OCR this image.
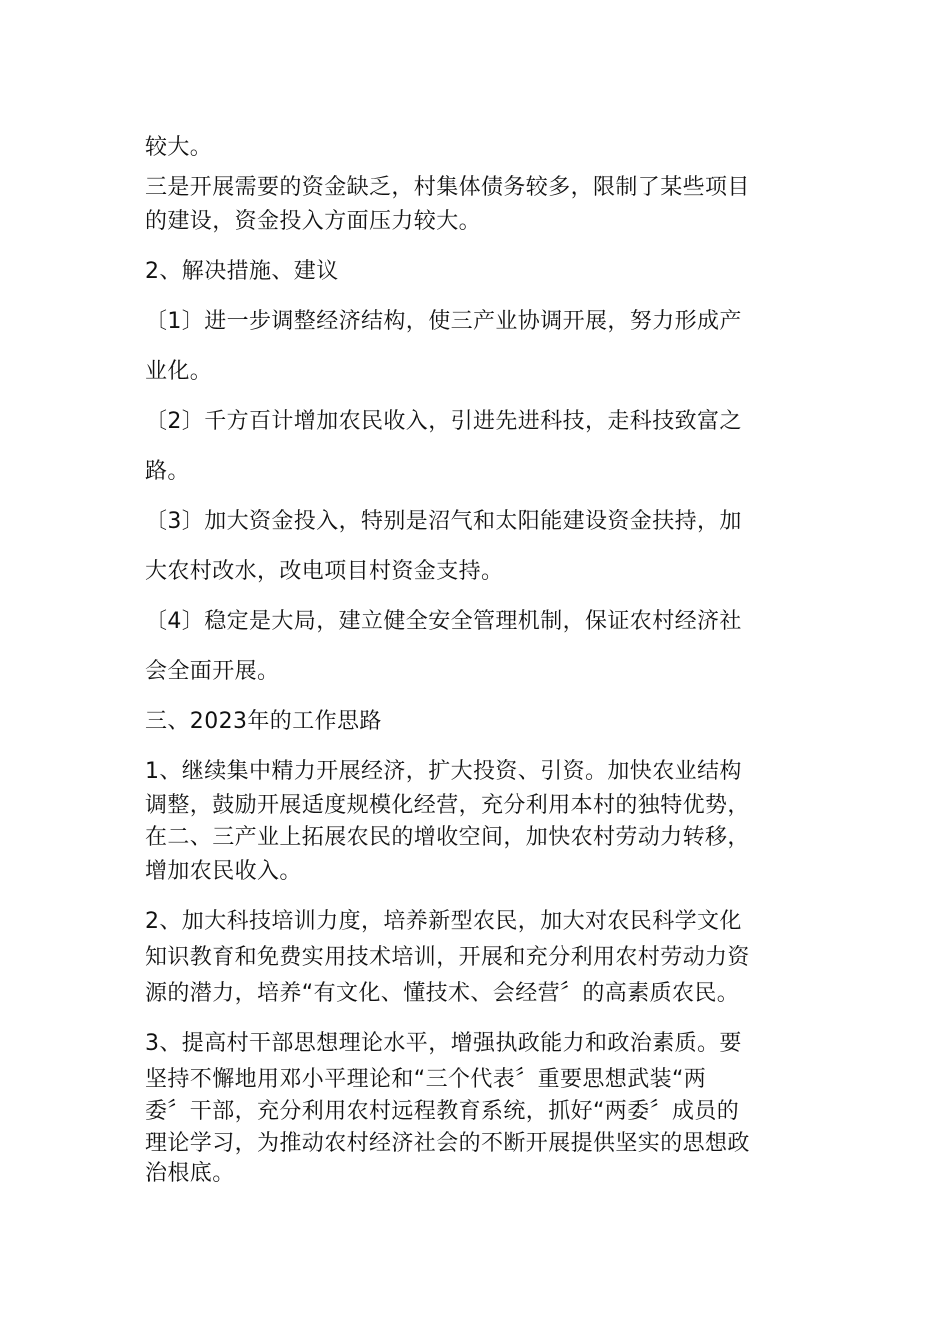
较大。
三是开展需要的资金缺乏，村集体债务较多，限制了某些项目
的建设，资金投入方面压力较大。
2、解决措施、建议
〔1〕进一步调整经济结构，使三产业协调开展，努力形成产
业化。
〔2〕千方百计增加农民收入，引进先进科技，走科技致富之
路。
〔3〕加大资金投入，特别是沼气和太阳能建设资金扶持，加
大农村改水，改电项目村资金支持。
〔4〕稳定是大局，建立健全安全管理机制，保证农村经济社
会全面开展。
三、2023年的工作思路
1、继续集中精力开展经济，扩大投资、引资。加快农业结构
调整，鼓励开展适度规模化经营，充分利用本村的独特优势，
在二、三产业上拓展农民的增收空间，加快农村劳动力转移，
增加农民收入。
2、加大科技培训力度，培养新型农民，加大对农民科学文化
知识教育和免费实用技术培训，开展和充分利用农村劳动力资
源的潜力，培养“有文化、懂技术、会经营〞的高素质农民。
3、提高村干部思想理论水平，增强执政能力和政治素质。要
坚持不懈地用邓小平理论和“三个代表〞重要思想武装“两
委〞干部，充分利用农村远程教育系统，抓好“两委〞成员的
理论学习，为推动农村经济社会的不断开展提供坚实的思想政
治根底。
